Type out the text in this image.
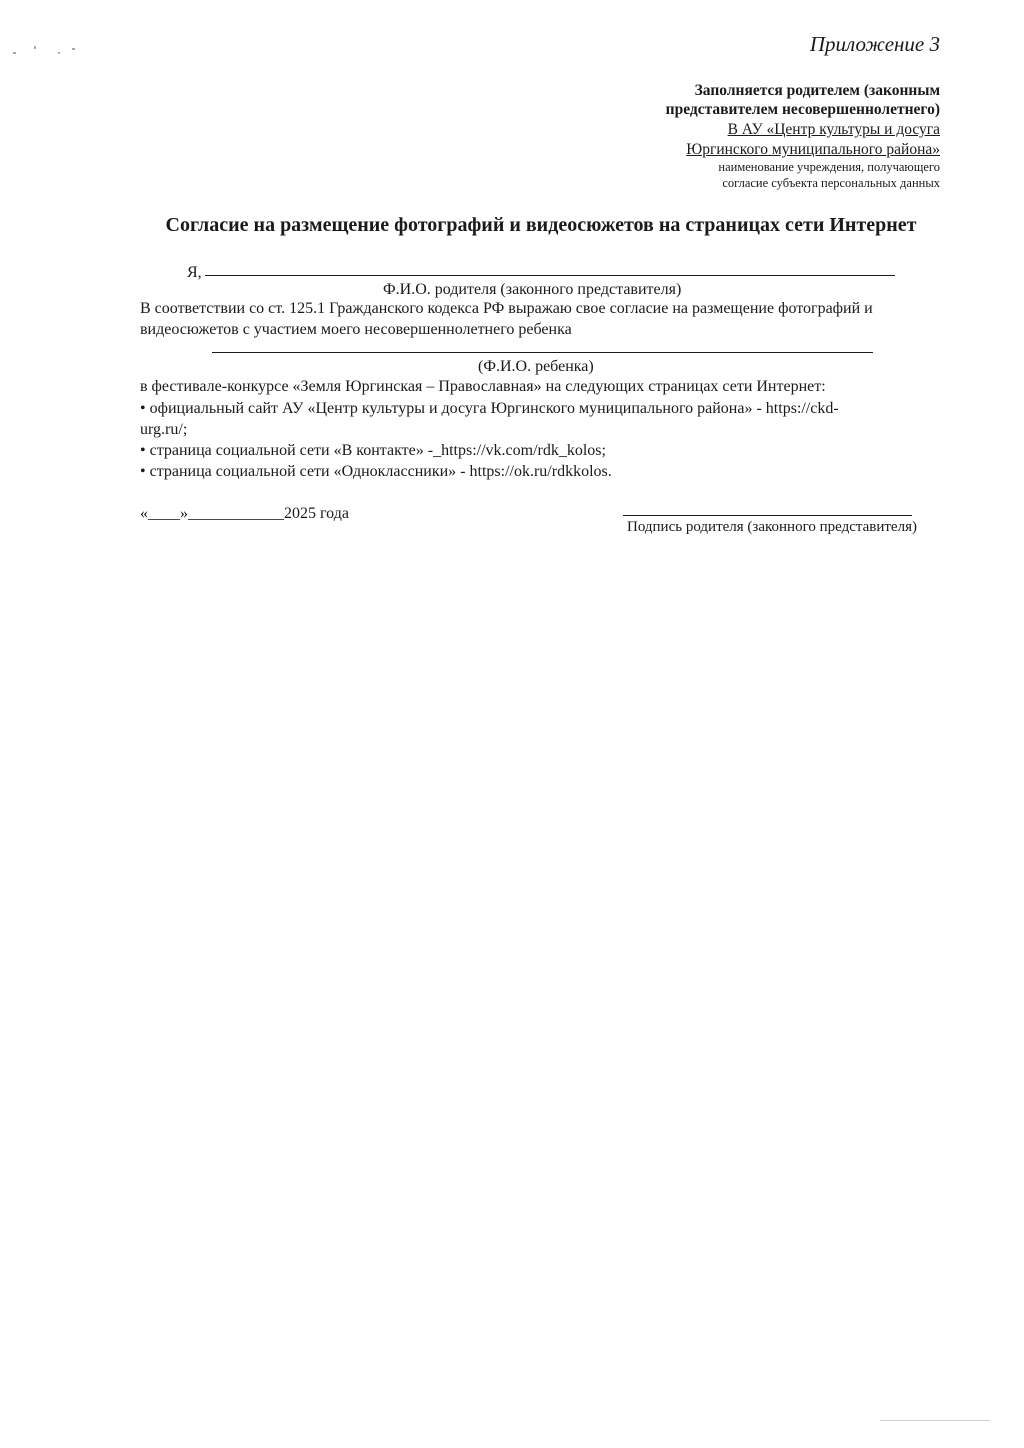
Приложение 3
Заполняется родителем (законным
представителем несовершеннолетнего)
В АУ «Центр культуры и досуга
Юргинского муниципального района»
наименование учреждения, получающего
согласие субъекта персональных данных
Согласие на размещение фотографий и видеосюжетов на страницах сети Интернет
Я,
Ф.И.О. родителя (законного представителя)
В соответствии со ст. 125.1 Гражданского кодекса РФ выражаю свое согласие на размещение фотографий и
видеосюжетов с участием моего несовершеннолетнего ребенка
(Ф.И.О. ребенка)
в фестивале-конкурсе «Земля Юргинская – Православная» на следующих страницах сети Интернет:
• официальный сайт АУ «Центр культуры и досуга Юргинского муниципального района» - https://ckd-
urg.ru/;
• страница социальной сети «В контакте» -_https://vk.com/rdk_kolos;
• страница социальной сети «Одноклассники» - https://ok.ru/rdkkolos.
«____»____________2025 года
Подпись родителя (законного представителя)
